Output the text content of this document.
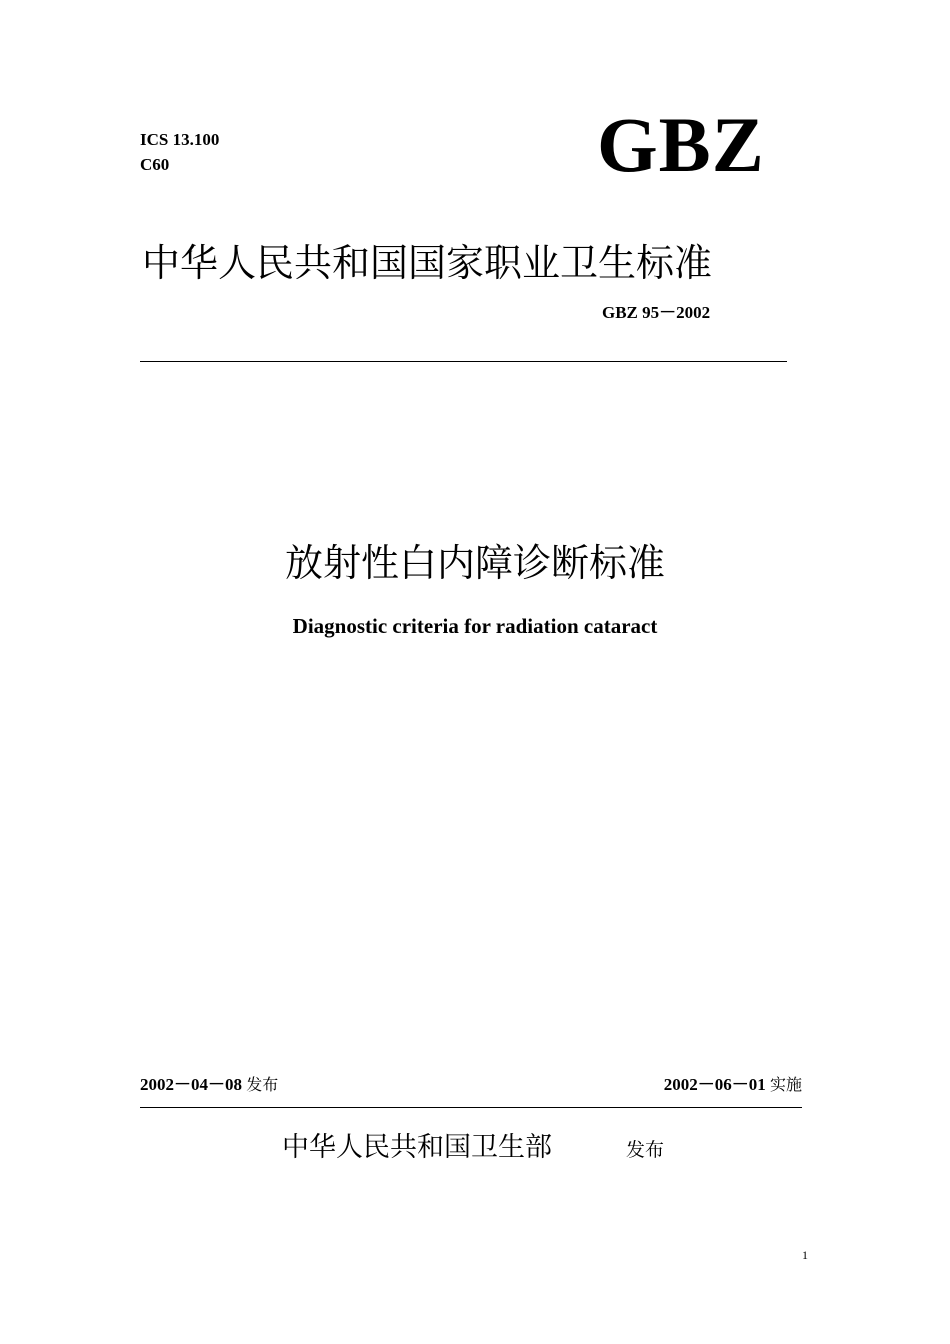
ICS 13.100
C60	GBZ
中华人民共和国国家职业卫生标准
GBZ 95－2002
放射性白内障诊断标准
Diagnostic criteria for radiation cataract
2002－04－08 发布	2002－06－01 实施
中华人民共和国卫生部	发布
1
